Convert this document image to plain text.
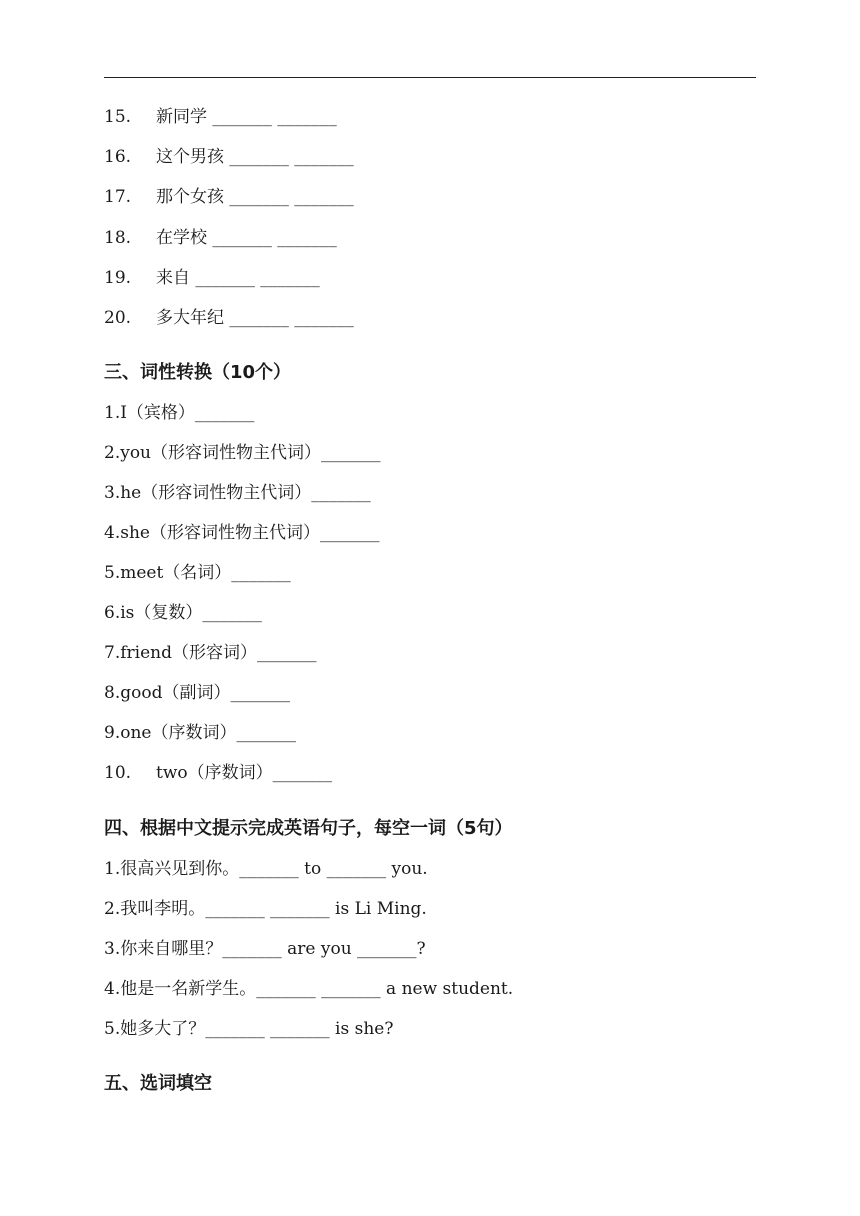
15. 新同学 _______ _______
16. 这个男孩 _______ _______
17. 那个女孩 _______ _______
18. 在学校 _______ _______
19. 来自 _______ _______
20. 多大年纪 _______ _______
三、词性转换（10个）
1.I（宾格）_______
2.you（形容词性物主代词）_______
3.he（形容词性物主代词）_______
4.she（形容词性物主代词）_______
5.meet（名词）_______
6.is（复数）_______
7.friend（形容词）_______
8.good（副词）_______
9.one（序数词）_______
10. two（序数词）_______
四、根据中文提示完成英语句子，每空一词（5句）
1.很高兴见到你。_______ to _______ you.
2.我叫李明。_______ _______ is Li Ming.
3.你来自哪里？_______ are you _______?
4.他是一名新学生。_______ _______ a new student.
5.她多大了？_______ _______ is she?
五、选词填空
